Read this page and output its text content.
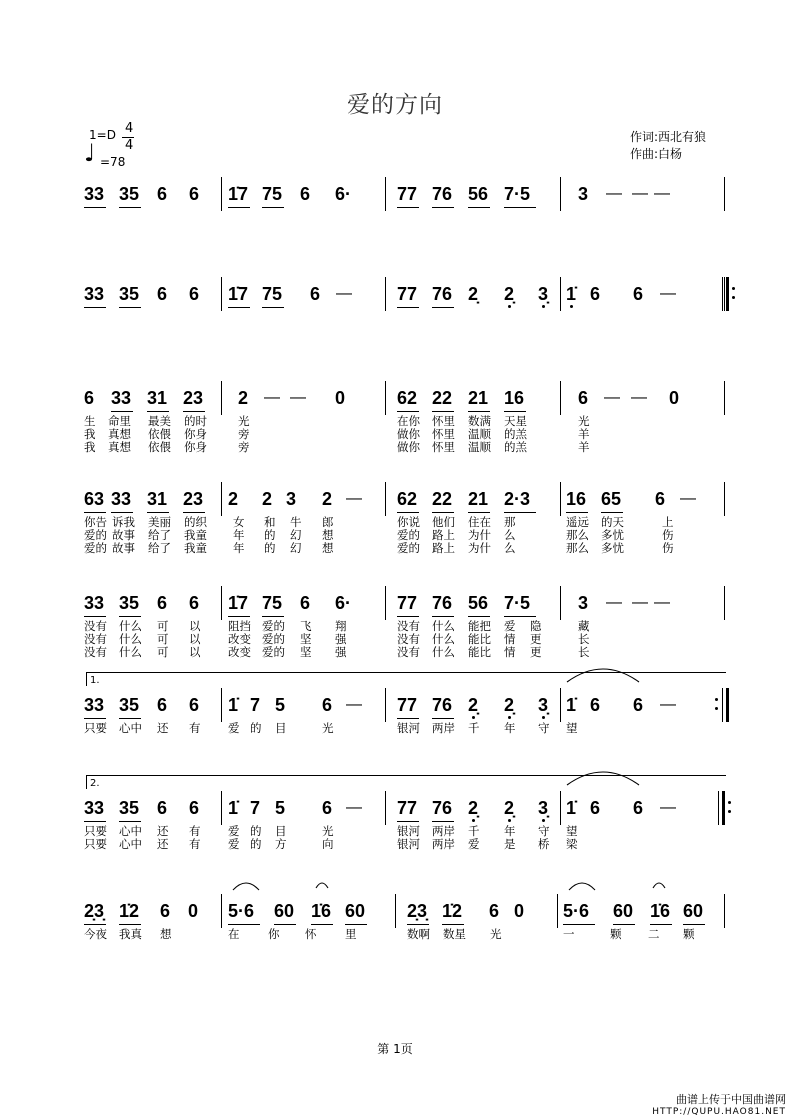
爱的方向
1=D 4
4
♩ =78
作词:西北有狼
作曲:白杨
33 35 6 6 1̇7 75 6 6·	77 76 56 7·5	3 — — —
33 35 6 6 1̇7 75 6 —	77 76 2̣ 2̣ 3̣ 1̇ 6 6 —
6 33 31 23 2 — — 0	62 22 21 16	6 — — 0
生 命里 最美 的时	光	在你 怀里 数满 天星	光
我 真想 依偎 你身	旁	做你 怀里 温顺 的羔	羊
我 真想 依偎 你身	旁	做你 怀里 温顺 的羔	羊
63 33 31 23 2 2 3 2 — 62 22 21 2·3 16 65 6 —
你告 诉我 美丽 的织 女 和 牛 郎	你说 他们 住在 那	遥远 的天	上
爱的 故事 给了 我童 年 的 幻 想	爱的 路上 为什 么	那么 多忧	伤
爱的 故事 给了 我童 年 的 幻 想	爱的 路上 为什 么	那么 多忧	伤
33 35 6 6 1̇7 75 6 6·	77 76 56 7·5	3 — — —
没有 什么 可 以 阻挡 爱的 飞 翔	没有 什么 能把 爱 隐	藏
没有 什么 可 以 改变 爱的 坚 强	没有 什么 能比 情 更	长
没有 什么 可 以 改变 爱的 坚 强	没有 什么 能比 情 更	长
33 35 6 6 1̇ 7 5 6 — 77 76 2̣ 2̣ 3̣ 1̇ 6 6 —
只要 心中 还 有 爱 的 目	光	银河 两岸 千 年 守 望
1.
33 35 6 6 1̇ 7 5 6 — 77 76 2̣ 2̣ 3̣ 1̇ 6 6 —
只要 心中 还 有 爱 的 目	光	银河 两岸 千 年 守 望
只要 心中 还 有 爱 的 方	向	银河 两岸 爱 是 桥 梁
2.
2̣3̣ 1̇2 6 0 5·6 60 1̇6 60 2̣3̣ 1̇2 6 0 5·6 60 1̇6 60
今夜 我真 想	在 你 怀 里	数啊 数星 光	一	颗 二 颗
第 1页
曲谱上传于中国曲谱网
HTTP://QUPU.HAO81.NET
